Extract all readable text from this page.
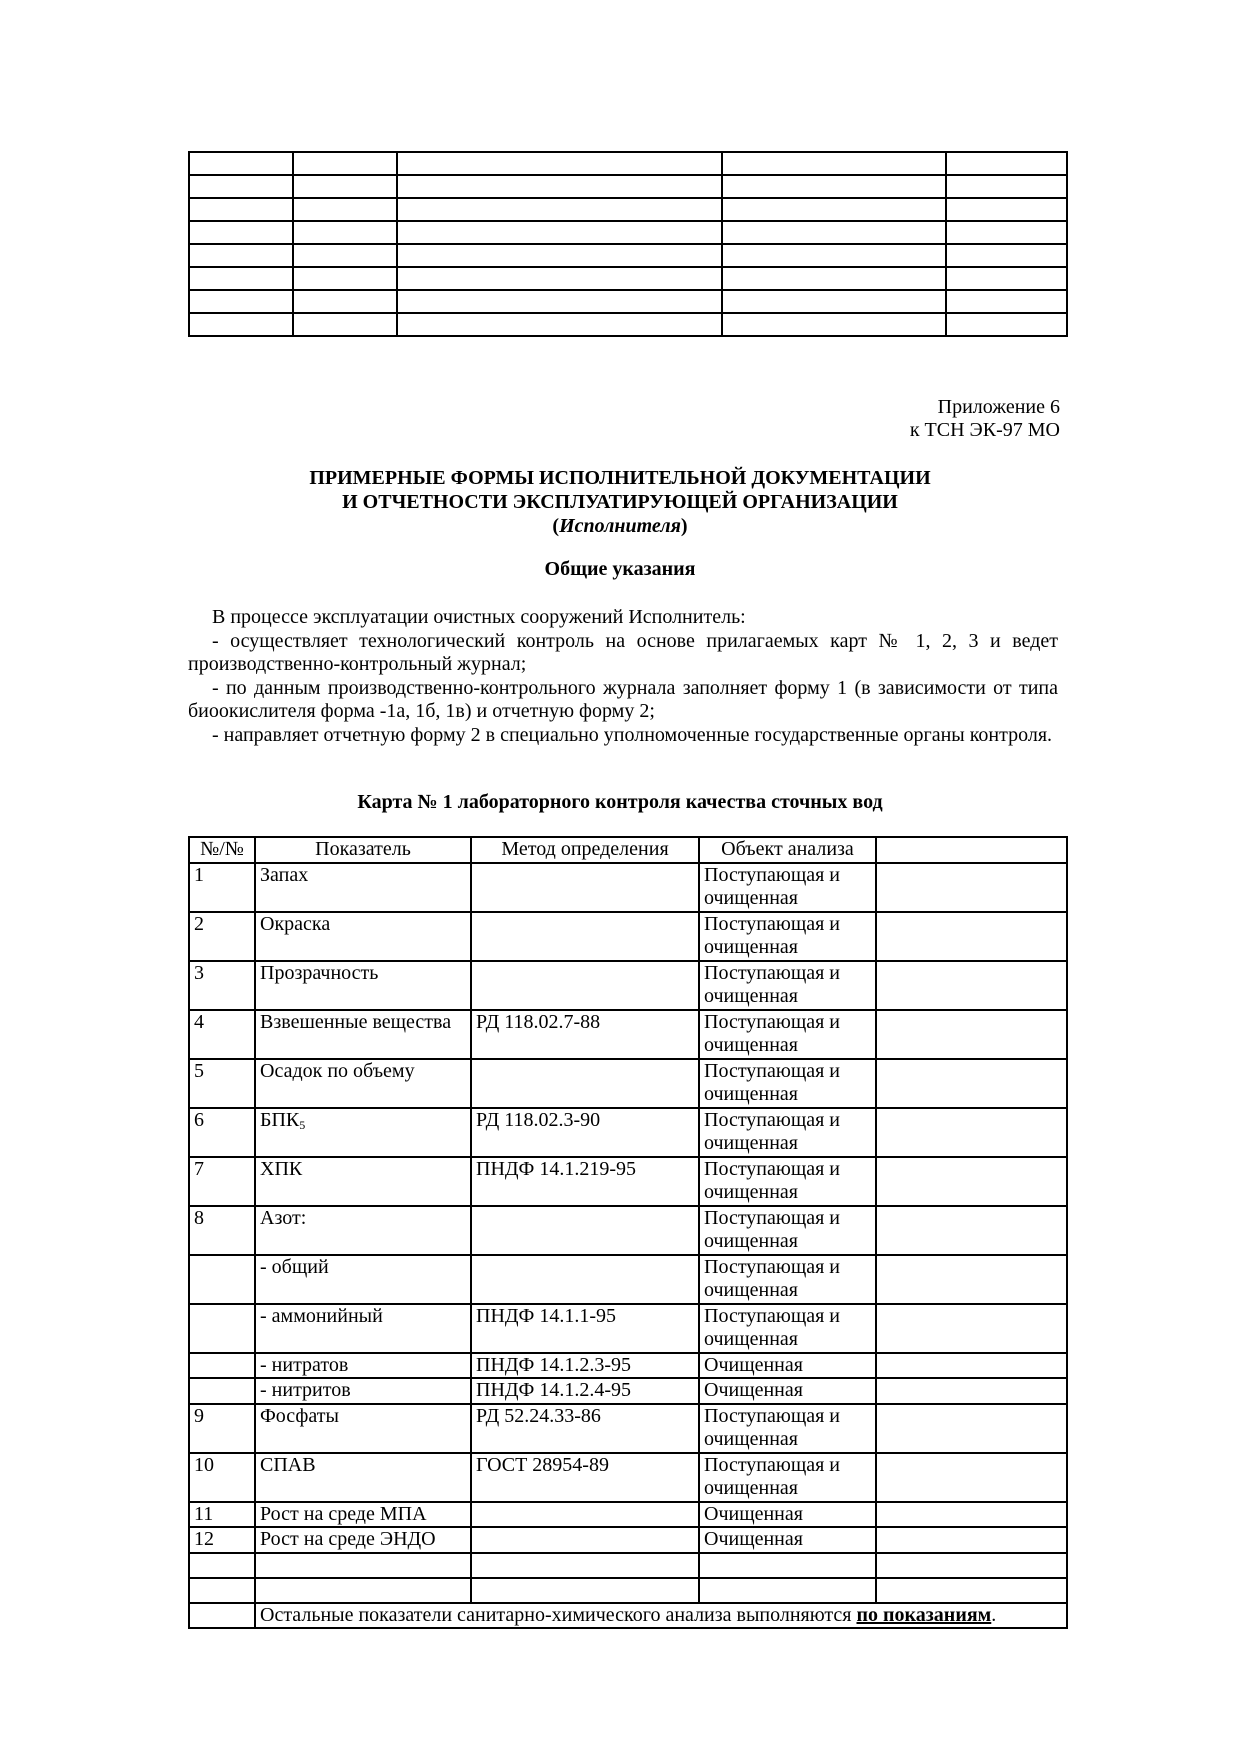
Приложение 6
к ТСН ЭК-97 МО
ПРИМЕРНЫЕ ФОРМЫ ИСПОЛНИТЕЛЬНОЙ ДОКУМЕНТАЦИИ
И ОТЧЕТНОСТИ ЭКСПЛУАТИРУЮЩЕЙ ОРГАНИЗАЦИИ
(Исполнителя)
Общие указания

В процессе эксплуатации очистных сооружений Исполнитель:

- осуществляет технологический контроль на основе прилагаемых карт № 1, 2, 3 и ведет производственно-контрольный журнал;

- по данным производственно-контрольного журнала заполняет форму 1 (в зависимости от типа биоокислителя форма -1а, 1б, 1в) и отчетную форму 2;

- направляет отчетную форму 2 в специально уполномоченные государственные органы контроля.

Карта № 1 лабораторного контроля качества сточных вод
№/№	Показатель	Метод определения	Объект анализа	
1	Запах		Поступающая и очищенная	
2	Окраска		Поступающая и очищенная	
3	Прозрачность		Поступающая и очищенная	
4	Взвешенные вещества	РД 118.02.7-88	Поступающая и очищенная	
5	Осадок по объему		Поступающая и очищенная	
6	$БПК_5$	РД 118.02.3-90	Поступающая и очищенная	
7	ХПК	ПНДФ 14.1.219-95	Поступающая и очищенная	
8	Азот:		Поступающая и очищенная	
	- общий		Поступающая и очищенная	
	- аммонийный	ПНДФ 14.1.1-95	Поступающая и очищенная	
	- нитратов	ПНДФ 14.1.2.3-95	Очищенная	
	- нитритов	ПНДФ 14.1.2.4-95	Очищенная	
9	Фосфаты	РД 52.24.33-86	Поступающая и очищенная	
10	СПАВ	ГОСТ 28954-89	Поступающая и очищенная	
11	Рост на среде МПА		Очищенная	
12	Рост на среде ЭНДО		Очищенная	

	Остальные показатели санитарно-химического анализа выполняются по показаниям.			
